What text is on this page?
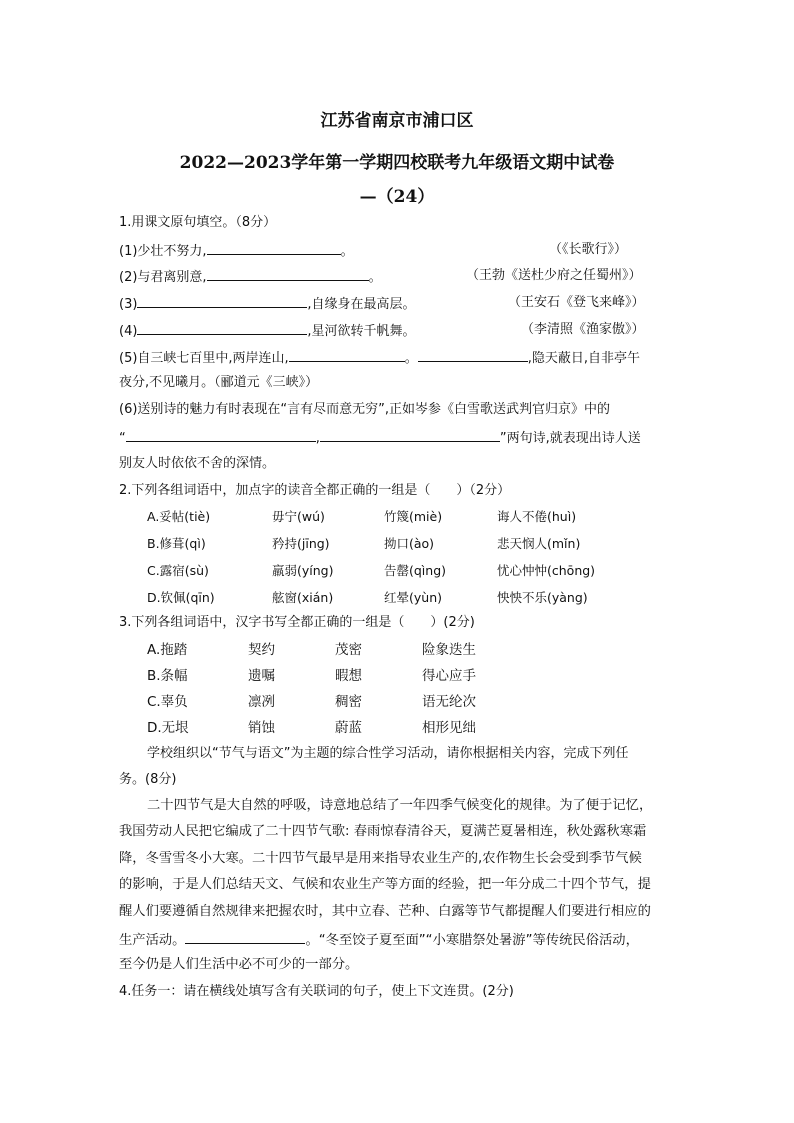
江苏省南京市浦口区
2022—2023学年第一学期四校联考九年级语文期中试卷
—（24）
1.用课文原句填空。（8分）
(1)少壮不努力,	。	（《长歌行》）
(2)与君离别意,	。	（王勃《送杜少府之任蜀州》）
(3)	,自缘身在最高层。	（王安石《登飞来峰》）
(4)	,星河欲转千帆舞。	（李清照《渔家傲》）
(5)自三峡七百里中,两岸连山,	。	,隐天蔽日,自非亭午
夜分,不见曦月。（郦道元《三峡》）
(6)送别诗的魅力有时表现在“言有尽而意无穷”,正如岑参《白雪歌送武判官归京》中的
“	,	”两句诗,就表现出诗人送
别友人时依依不舍的深情。
2.下列各组词语中，加点字的读音全都正确的一组是（　　）（2分）
A.妥帖(tiè)	毋宁(wú)	竹篾(miè)	诲人不倦(huì)
B.修葺(qì)	矜持(jīng)	拗口(ào)	悲天悯人(mǐn)
C.露宿(sù)	羸弱(yíng)	告罄(qìng)	忧心忡忡(chōng)
D.钦佩(qīn)	舷窗(xián)	红晕(yùn)	怏怏不乐(yàng)
3.下列各组词语中，汉字书写全都正确的一组是（　　）(2分)
A.拖踏	契约	茂密	险象迭生
B.条幅	遗嘱	暇想	得心应手
C.辜负	凛冽	稠密	语无纶次
D.无垠	销蚀	蔚蓝	相形见绌
学校组织以“节气与语文”为主题的综合性学习活动，请你根据相关内容，完成下列任
务。(8分)
二十四节气是大自然的呼吸，诗意地总结了一年四季气候变化的规律。为了便于记忆，
我国劳动人民把它编成了二十四节气歌: 春雨惊春清谷天，夏满芒夏暑相连，秋处露秋寒霜
降，冬雪雪冬小大寒。二十四节气最早是用来指导农业生产的,农作物生长会受到季节气候
的影响，于是人们总结天文、气候和农业生产等方面的经验，把一年分成二十四个节气，提
醒人们要遵循自然规律来把握农时，其中立春、芒种、白露等节气都提醒人们要进行相应的
生产活动。	。“冬至饺子夏至面”“小寒腊祭处暑游”等传统民俗活动，
至今仍是人们生活中必不可少的一部分。
4.任务一：请在横线处填写含有关联词的句子，使上下文连贯。(2分)
